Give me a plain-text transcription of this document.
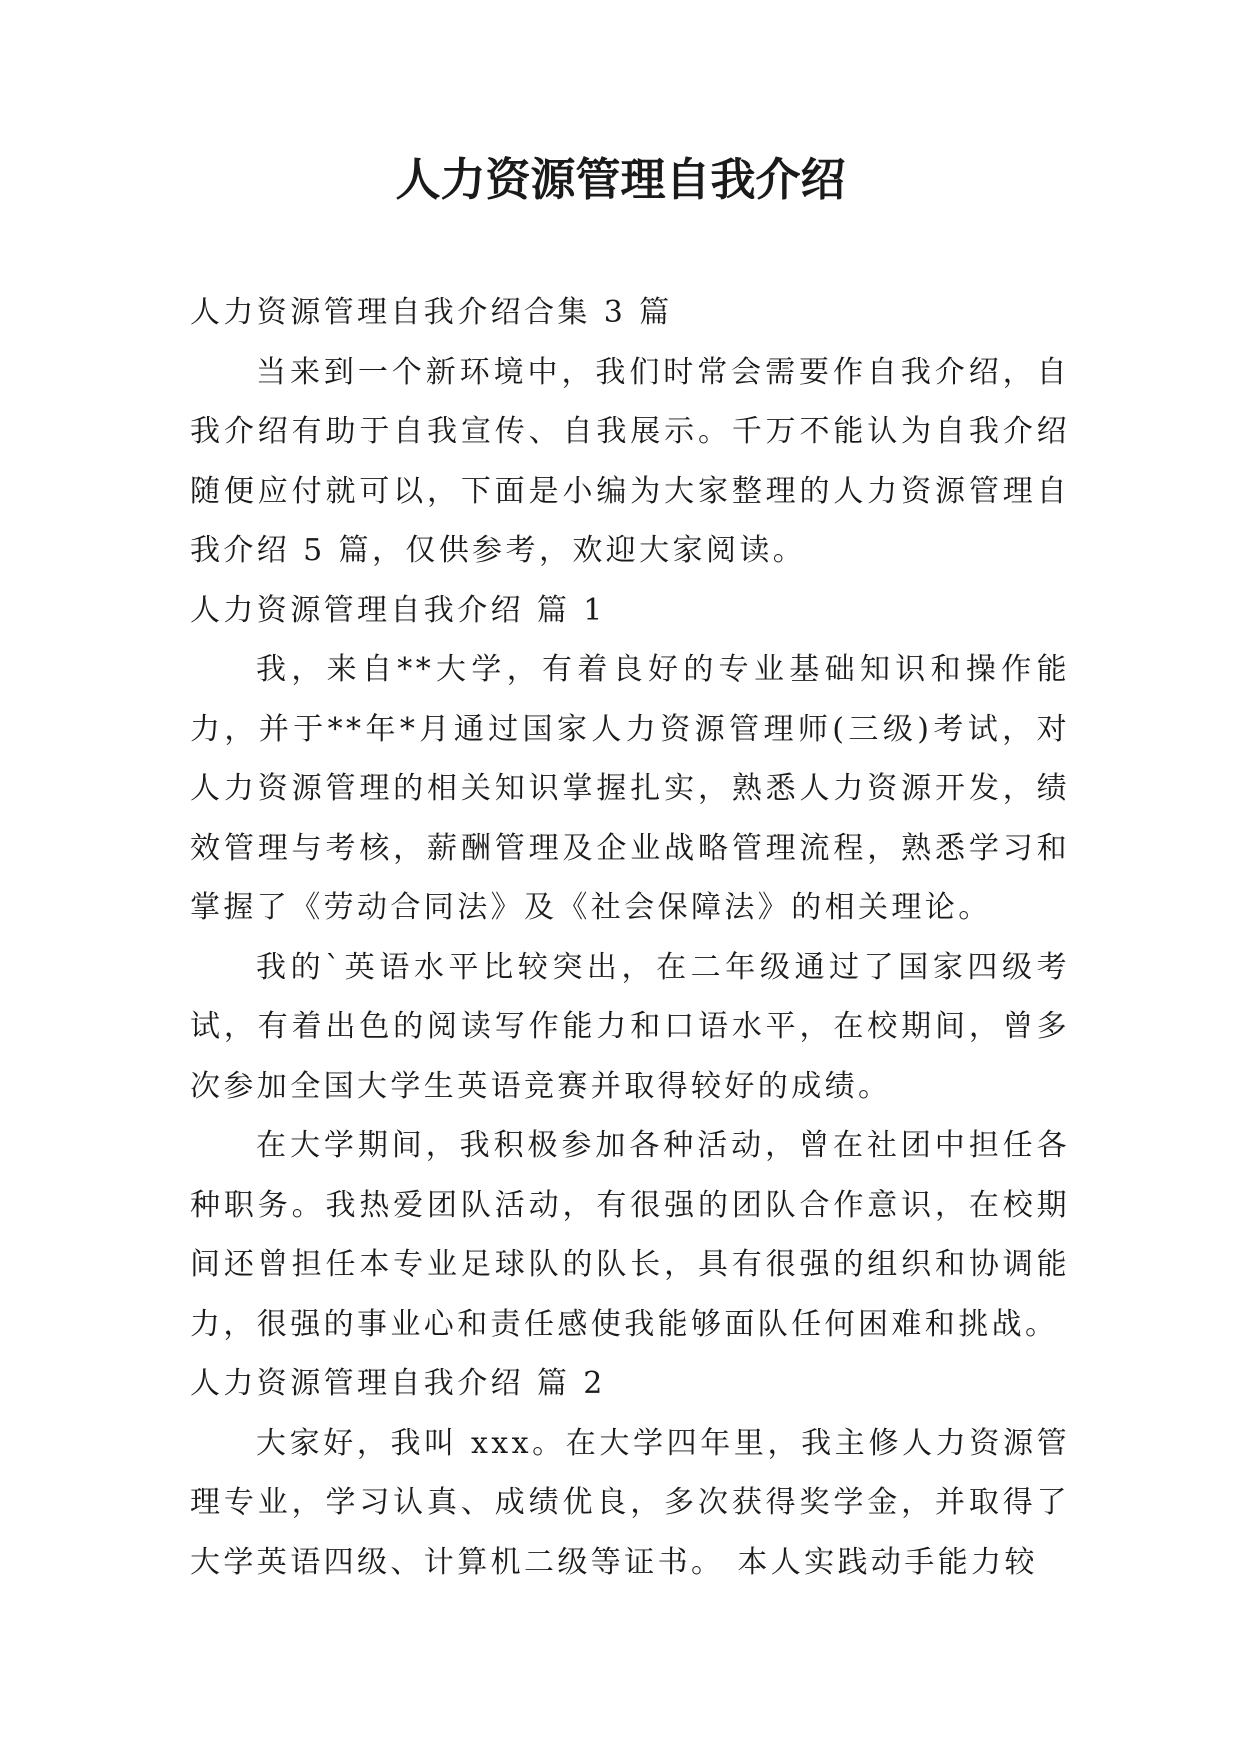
人力资源管理自我介绍

人力资源管理自我介绍合集 3 篇

当来到一个新环境中，我们时常会需要作自我介绍，自我介绍有助于自我宣传、自我展示。千万不能认为自我介绍随便应付就可以，下面是小编为大家整理的人力资源管理自我介绍 5 篇，仅供参考，欢迎大家阅读。

人力资源管理自我介绍 篇 1

我，来自**大学，有着良好的专业基础知识和操作能力，并于**年*月通过国家人力资源管理师(三级)考试，对人力资源管理的相关知识掌握扎实，熟悉人力资源开发，绩效管理与考核，薪酬管理及企业战略管理流程，熟悉学习和掌握了《劳动合同法》及《社会保障法》的相关理论。

我的`英语水平比较突出，在二年级通过了国家四级考试，有着出色的阅读写作能力和口语水平，在校期间，曾多次参加全国大学生英语竞赛并取得较好的成绩。

在大学期间，我积极参加各种活动，曾在社团中担任各种职务。我热爱团队活动，有很强的团队合作意识，在校期间还曾担任本专业足球队的队长，具有很强的组织和协调能力，很强的事业心和责任感使我能够面队任何困难和挑战。

人力资源管理自我介绍 篇 2

大家好，我叫 xxx。在大学四年里，我主修人力资源管理专业，学习认真、成绩优良，多次获得奖学金，并取得了大学英语四级、计算机二级等证书。 本人实践动手能力较
